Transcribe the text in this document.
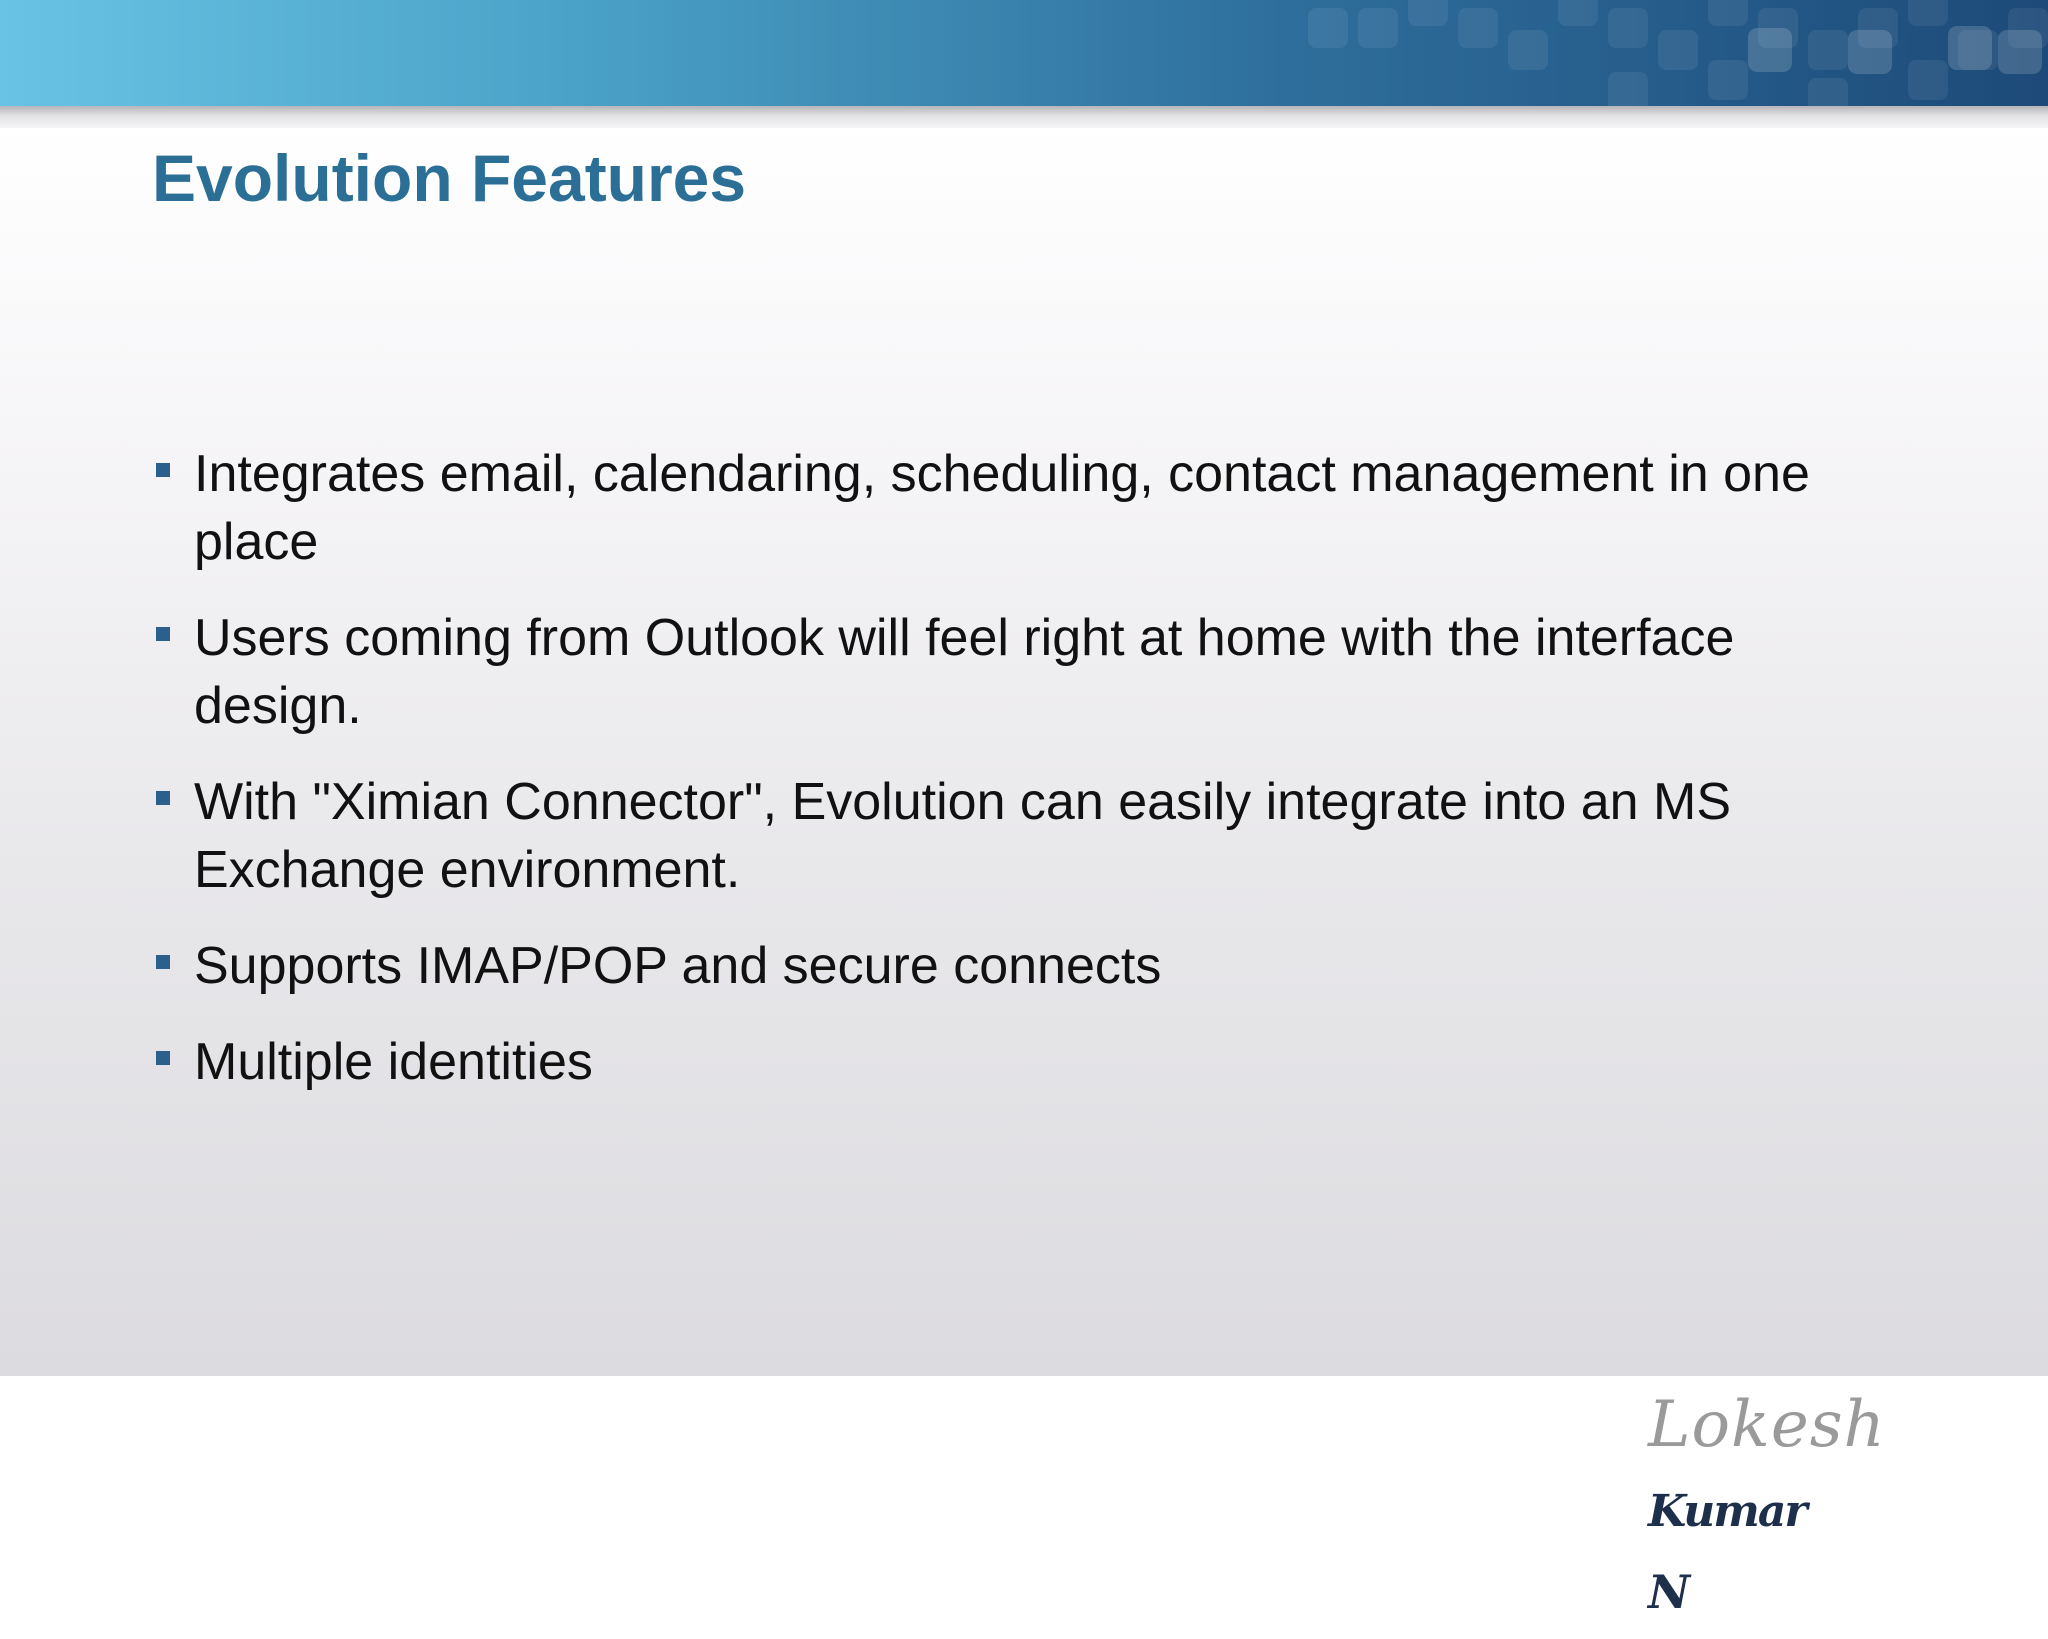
Evolution Features
Integrates email, calendaring, scheduling, contact management in one place
Users coming from Outlook will feel right at home with the interface design.
With "Ximian Connector", Evolution can easily integrate into an MS Exchange environment.
Supports IMAP/POP and secure connects
Multiple identities
Lokesh Kumar
N
